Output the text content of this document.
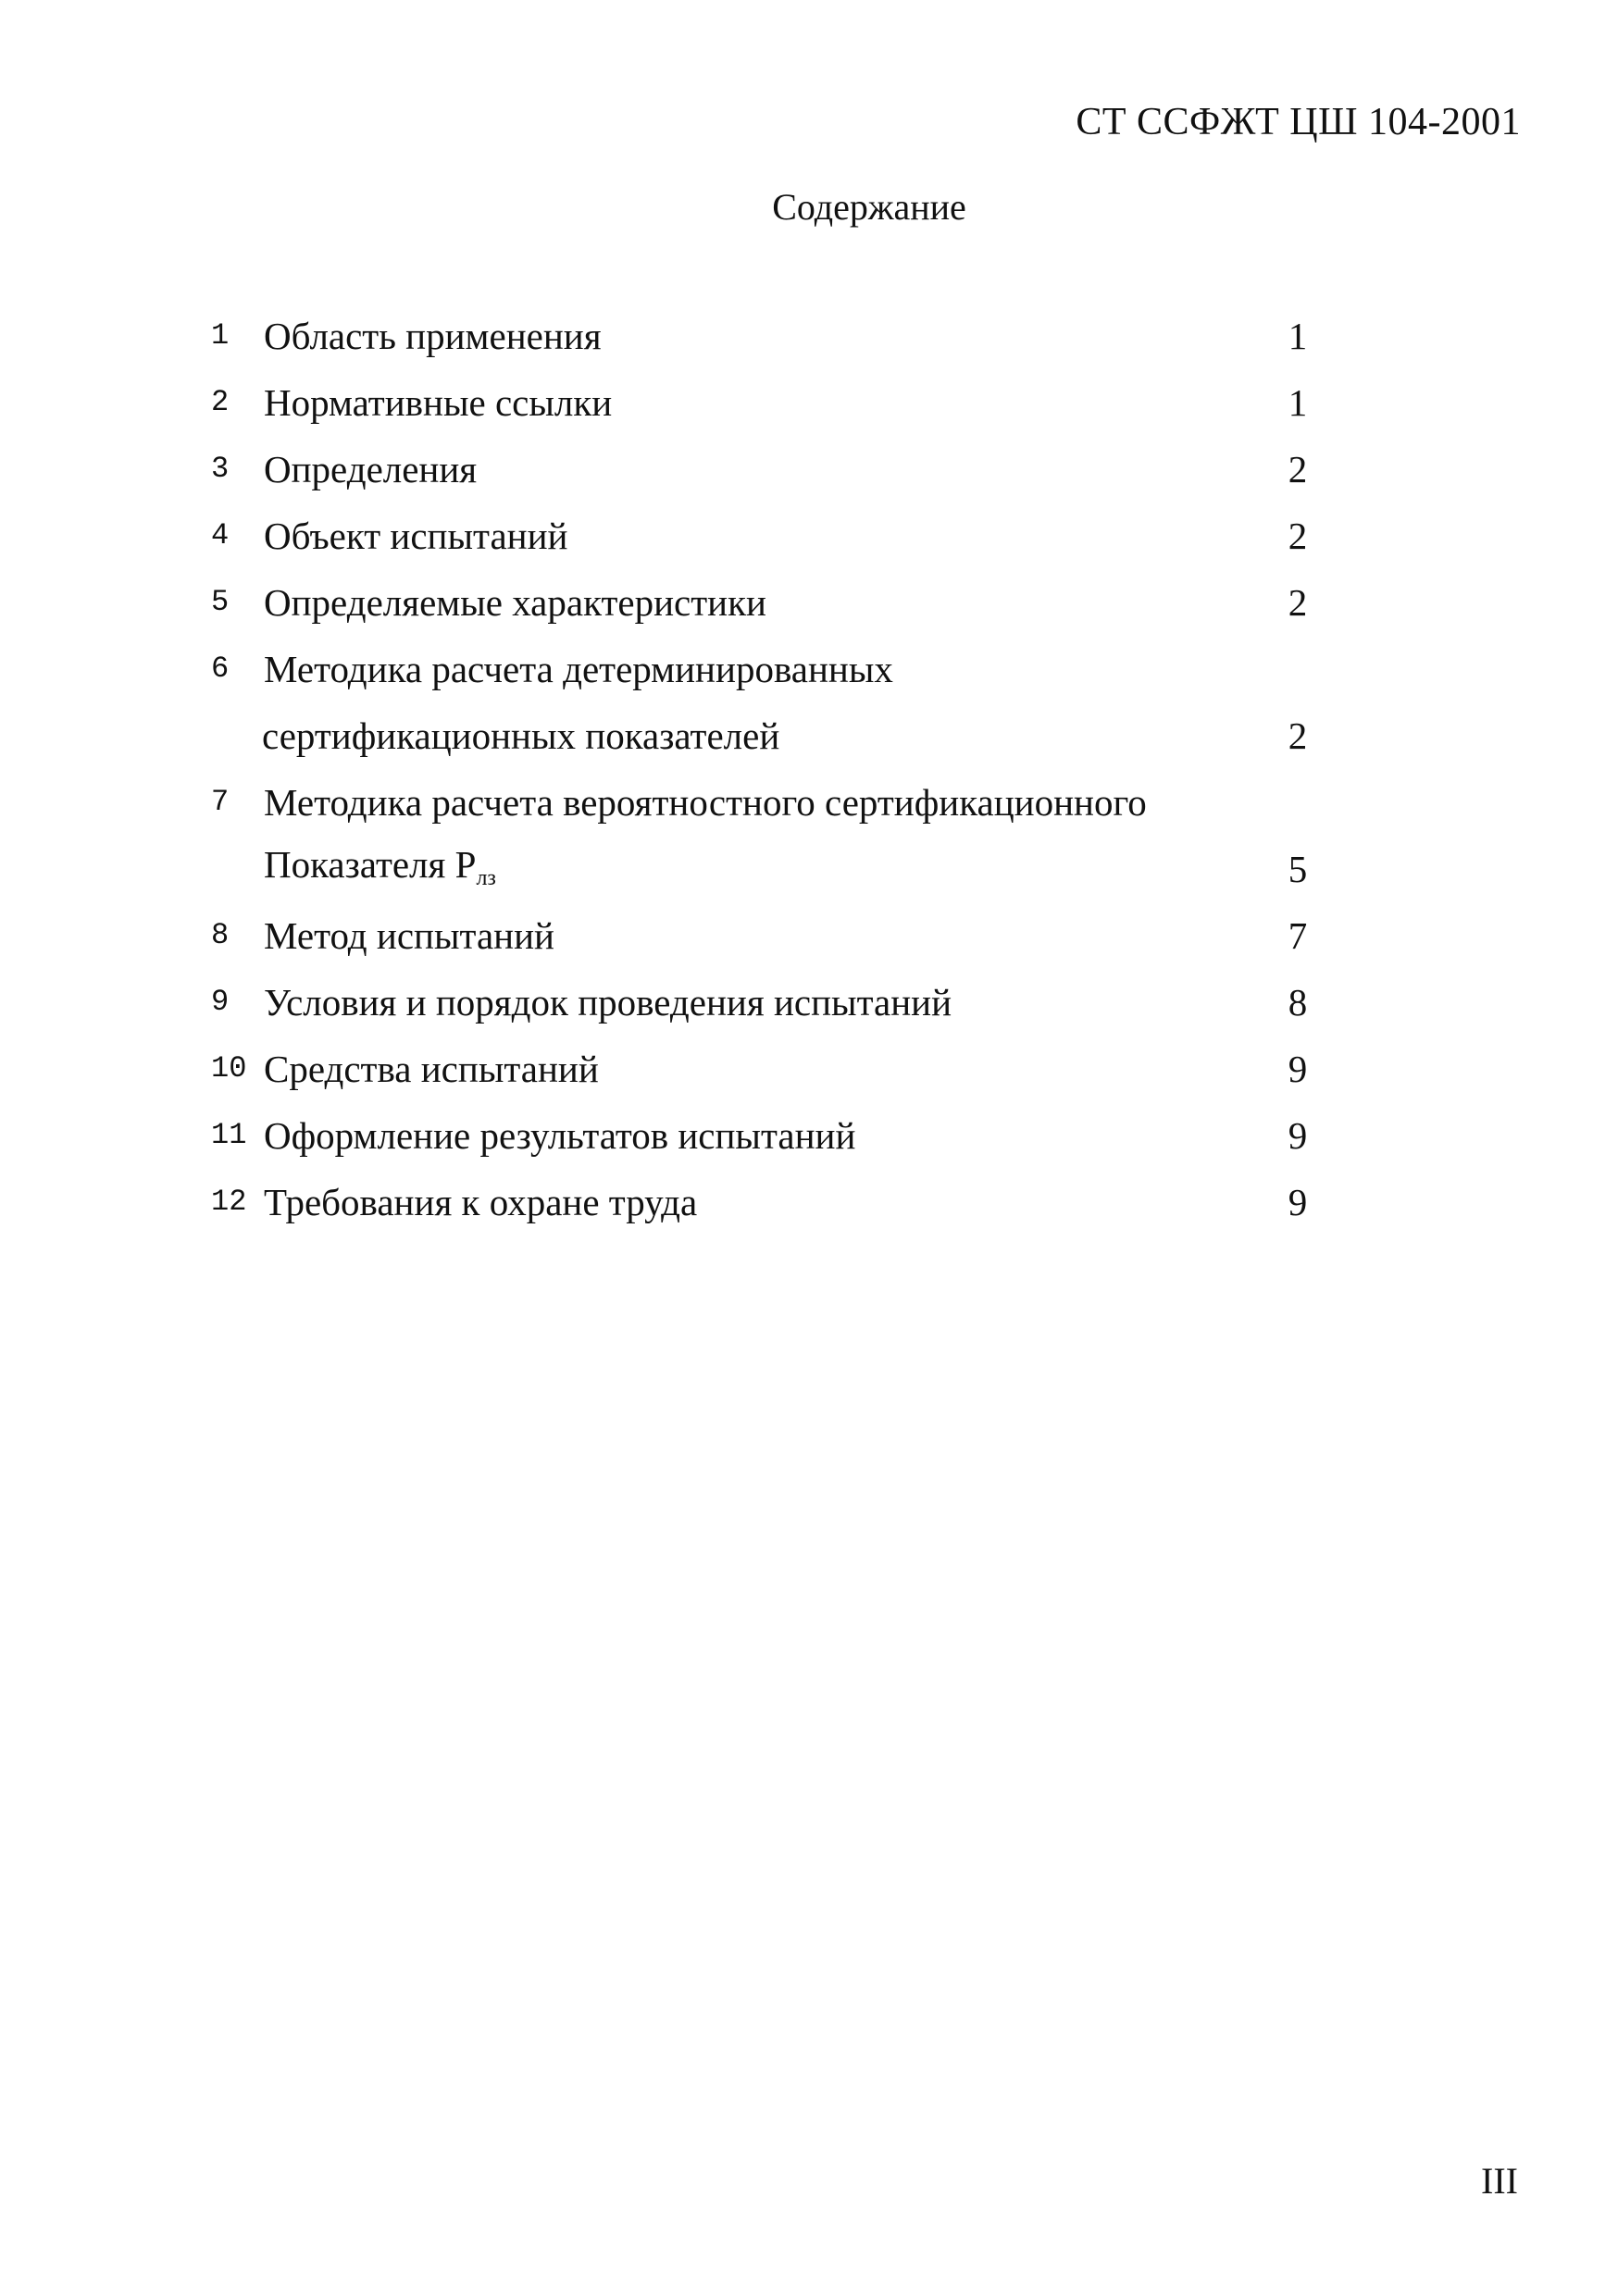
СТ ССФЖТ ЦШ 104-2001
Содержание
1 Область применения	1
2 Нормативные ссылки	1
3 Определения	2
4 Объект испытаний	2
5 Определяемые характеристики	2
6 Методика расчета детерминированных
сертификационных показателей	2
7 Методика расчета вероятностного сертификационного
Показателя $Р_{лз}$	5
8 Метод испытаний	7
9 Условия и порядок проведения испытаний	8
10 Средства испытаний	9
11 Оформление результатов испытаний	9
12 Требования к охране труда	9
III
